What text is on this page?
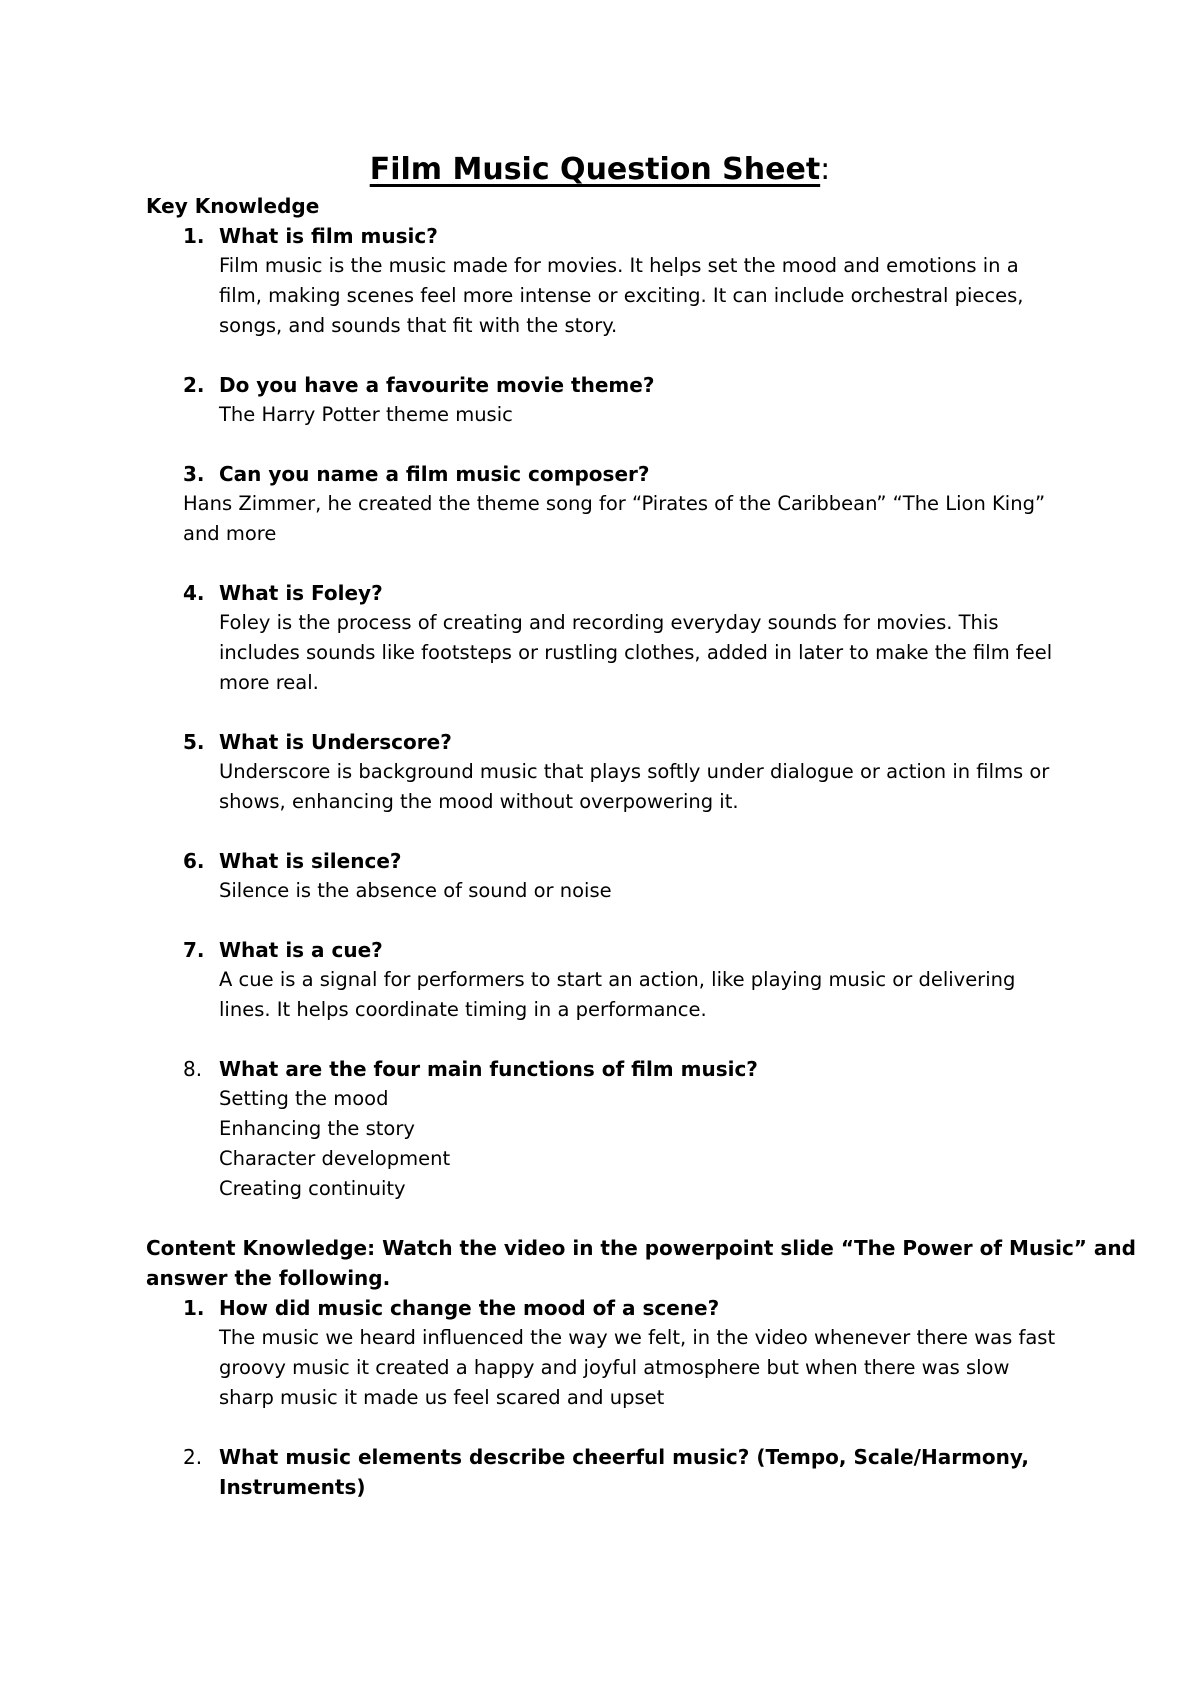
Film Music Question Sheet:
Key Knowledge
1. What is film music?
Film music is the music made for movies. It helps set the mood and emotions in a
film, making scenes feel more intense or exciting. It can include orchestral pieces,
songs, and sounds that fit with the story.
2. Do you have a favourite movie theme?
The Harry Potter theme music
3. Can you name a film music composer?
Hans Zimmer, he created the theme song for “Pirates of the Caribbean” “The Lion King”
and more
4. What is Foley?
Foley is the process of creating and recording everyday sounds for movies. This
includes sounds like footsteps or rustling clothes, added in later to make the film feel
more real.
5. What is Underscore?
Underscore is background music that plays softly under dialogue or action in films or
shows, enhancing the mood without overpowering it.
6. What is silence?
Silence is the absence of sound or noise
7. What is a cue?
A cue is a signal for performers to start an action, like playing music or delivering
lines. It helps coordinate timing in a performance.
8. What are the four main functions of film music?
Setting the mood
Enhancing the story
Character development
Creating continuity
Content Knowledge: Watch the video in the powerpoint slide “The Power of Music” and
answer the following.
1. How did music change the mood of a scene?
The music we heard influenced the way we felt, in the video whenever there was fast
groovy music it created a happy and joyful atmosphere but when there was slow
sharp music it made us feel scared and upset
2. What music elements describe cheerful music? (Tempo, Scale/Harmony,
Instruments)
